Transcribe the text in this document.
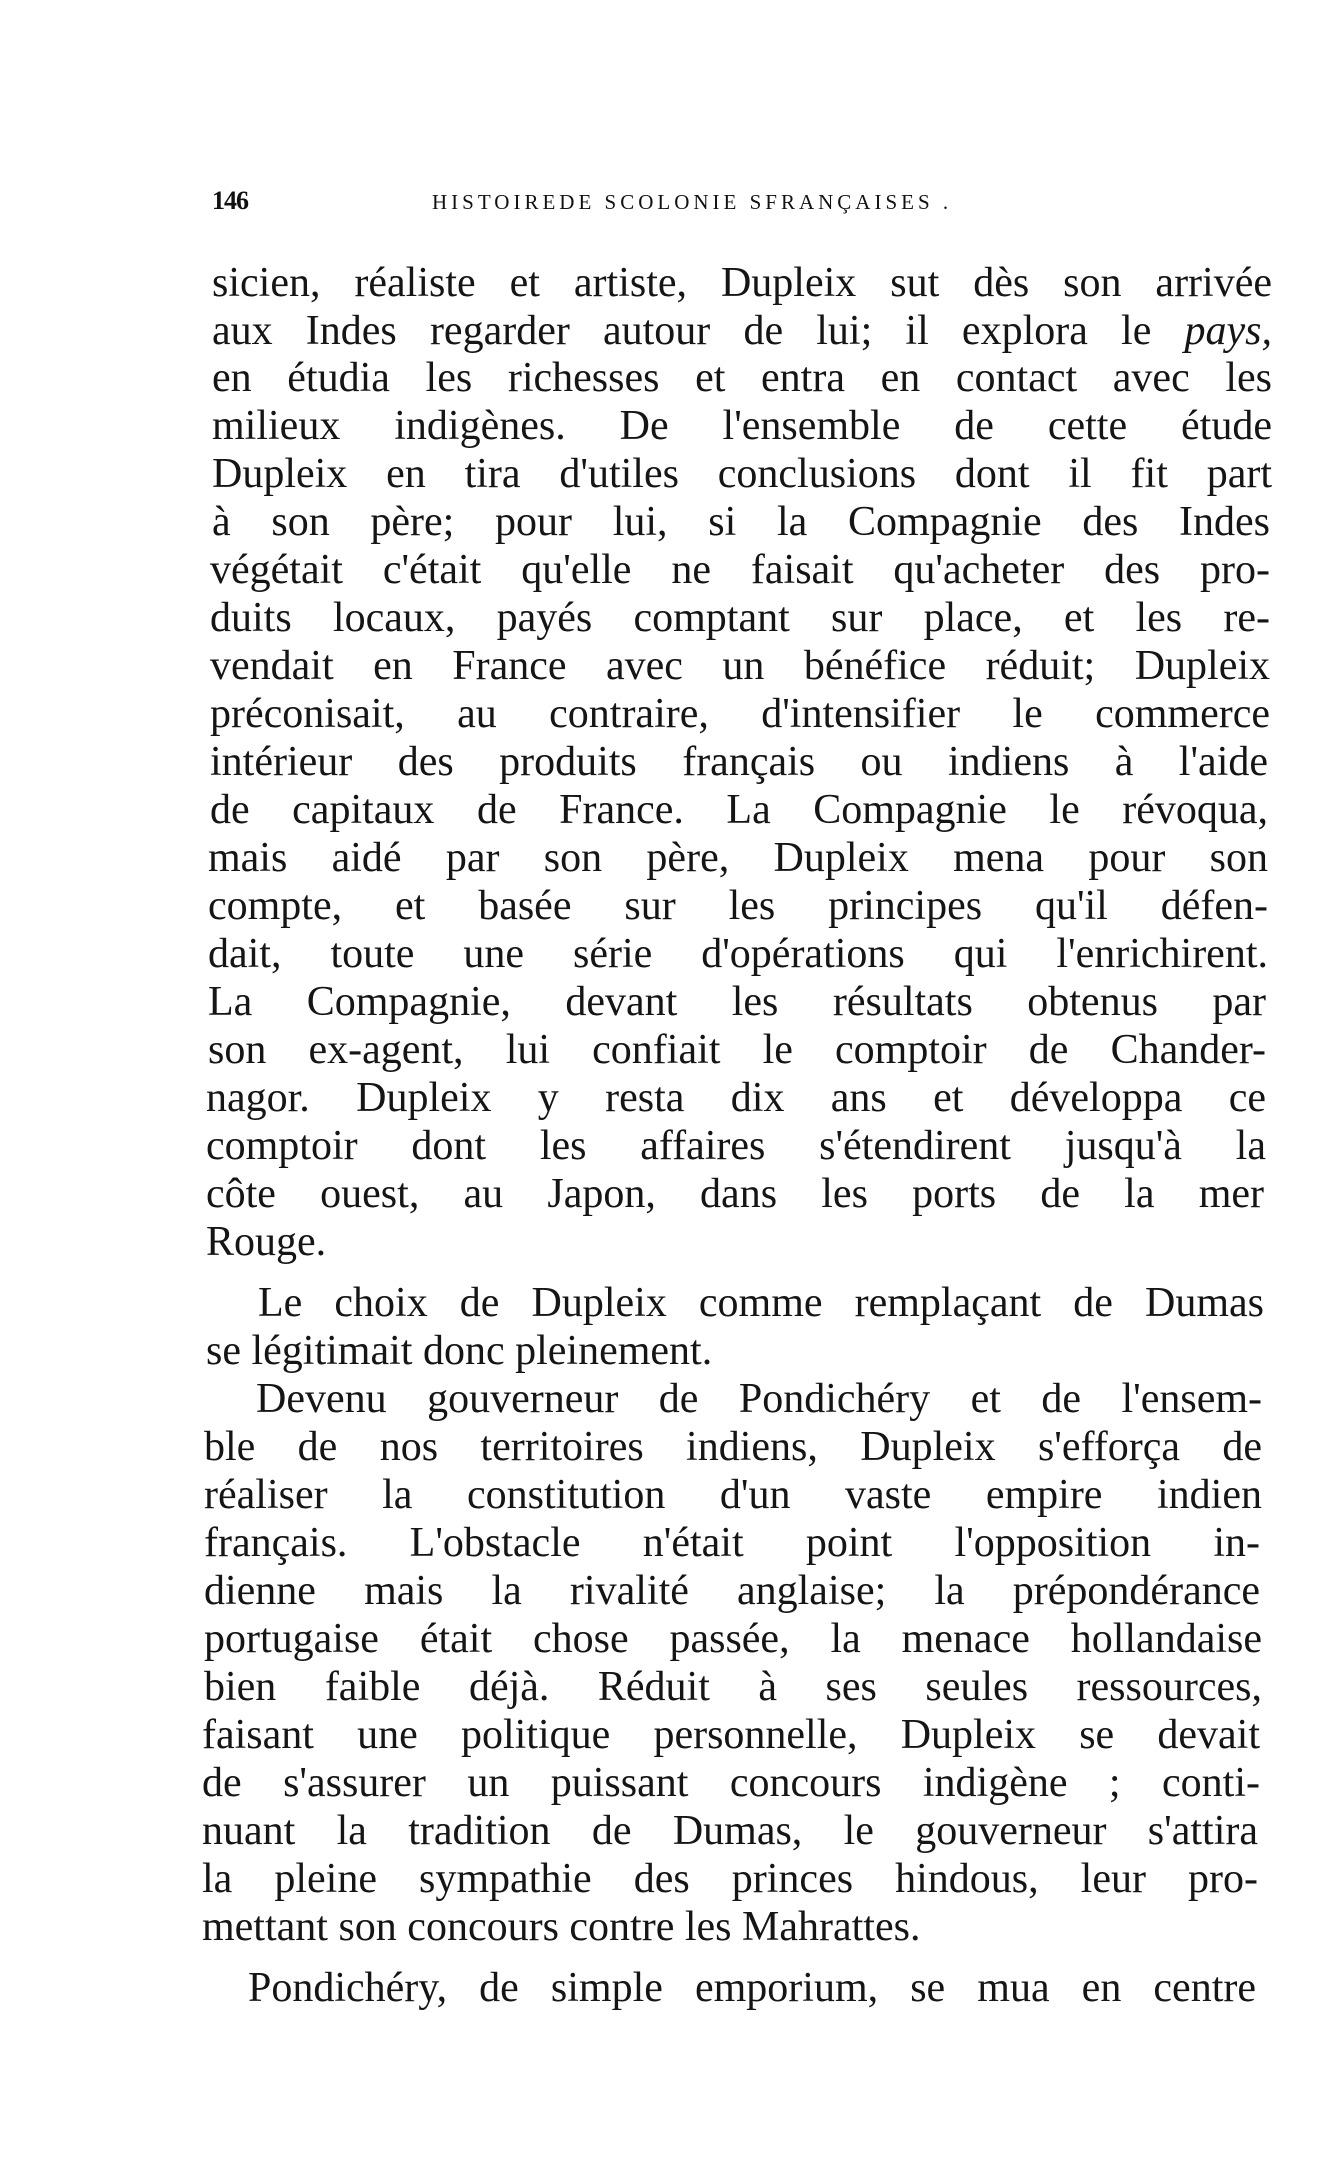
146	HISTOIREDE SCOLONIE SFRANÇAISES .
sicien, réaliste et artiste, Dupleix sut dès son arrivée
aux Indes regarder autour de lui; il explora le pays,
en étudia les richesses et entra en contact avec les
milieux indigènes. De l'ensemble de cette étude
Dupleix en tira d'utiles conclusions dont il fit part
à son père; pour lui, si la Compagnie des Indes
végétait c'était qu'elle ne faisait qu'acheter des pro-
duits locaux, payés comptant sur place, et les re-
vendait en France avec un bénéfice réduit; Dupleix
préconisait, au contraire, d'intensifier le commerce
intérieur des produits français ou indiens à l'aide
de capitaux de France. La Compagnie le révoqua,
mais aidé par son père, Dupleix mena pour son
compte, et basée sur les principes qu'il défen-
dait, toute une série d'opérations qui l'enrichirent.
La Compagnie, devant les résultats obtenus par
son ex-agent, lui confiait le comptoir de Chander-
nagor. Dupleix y resta dix ans et développa ce
comptoir dont les affaires s'étendirent jusqu'à la
côte ouest, au Japon, dans les ports de la mer
Rouge.
Le choix de Dupleix comme remplaçant de Dumas
se légitimait donc pleinement.
Devenu gouverneur de Pondichéry et de l'ensem-
ble de nos territoires indiens, Dupleix s'efforça de
réaliser la constitution d'un vaste empire indien
français. L'obstacle n'était point l'opposition in-
dienne mais la rivalité anglaise; la prépondérance
portugaise était chose passée, la menace hollandaise
bien faible déjà. Réduit à ses seules ressources,
faisant une politique personnelle, Dupleix se devait
de s'assurer un puissant concours indigène ; conti-
nuant la tradition de Dumas, le gouverneur s'attira
la pleine sympathie des princes hindous, leur pro-
mettant son concours contre les Mahrattes.
Pondichéry, de simple emporium, se mua en centre
